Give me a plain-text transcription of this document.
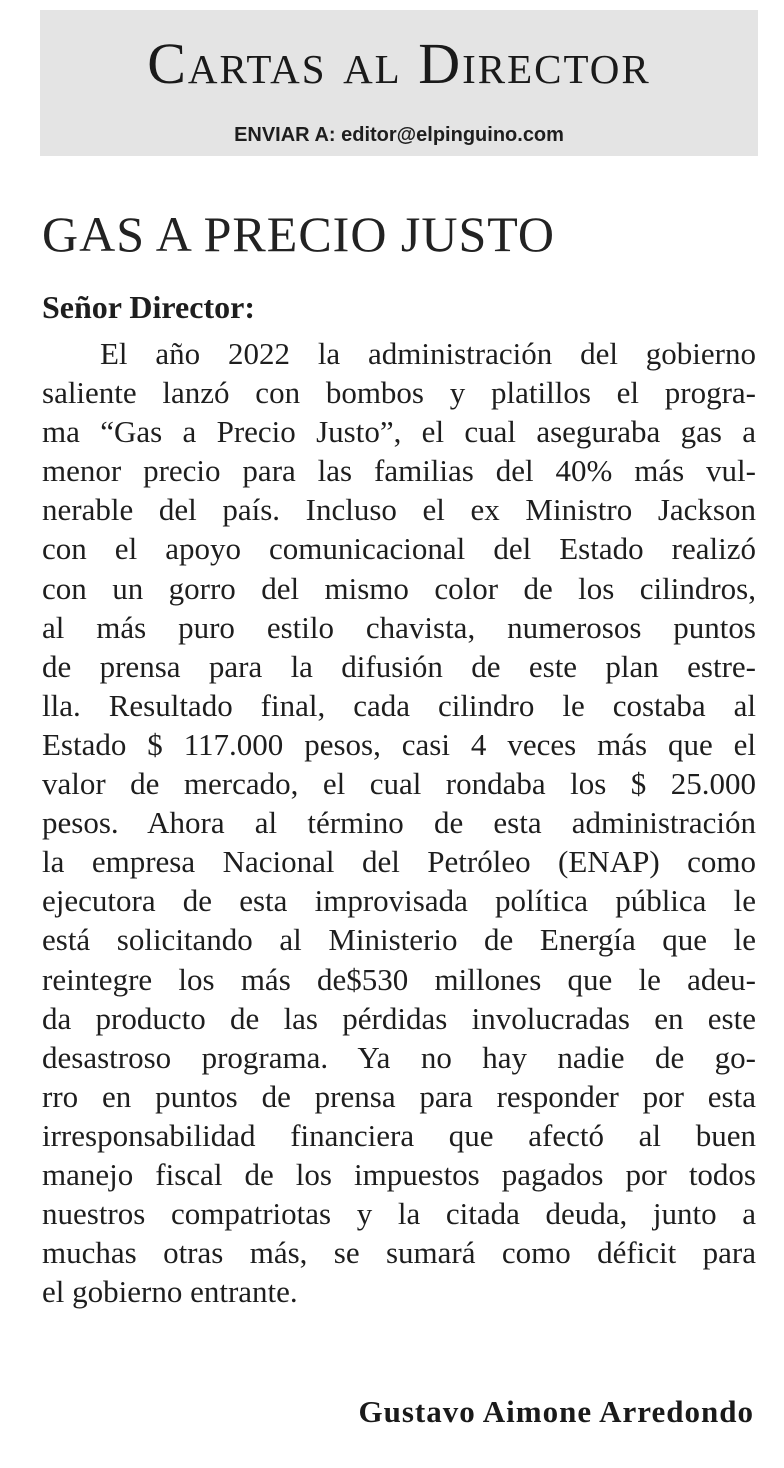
Cartas al Director
ENVIAR A: editor@elpinguino.com
GAS A PRECIO JUSTO
Señor Director:
El año 2022 la administración del gobierno
saliente lanzó con bombos y platillos el progra-
ma “Gas a Precio Justo”, el cual aseguraba gas a
menor precio para las familias del 40% más vul-
nerable del país. Incluso el ex Ministro Jackson
con el apoyo comunicacional del Estado realizó
con un gorro del mismo color de los cilindros,
al más puro estilo chavista, numerosos puntos
de prensa para la difusión de este plan estre-
lla. Resultado final, cada cilindro le costaba al
Estado $ 117.000 pesos, casi 4 veces más que el
valor de mercado, el cual rondaba los $ 25.000
pesos. Ahora al término de esta administración
la empresa Nacional del Petróleo (ENAP) como
ejecutora de esta improvisada política pública le
está solicitando al Ministerio de Energía que le
reintegre los más de$530 millones que le adeu-
da producto de las pérdidas involucradas en este
desastroso programa. Ya no hay nadie de go-
rro en puntos de prensa para responder por esta
irresponsabilidad financiera que afectó al buen
manejo fiscal de los impuestos pagados por todos
nuestros compatriotas y la citada deuda, junto a
muchas otras más, se sumará como déficit para
el gobierno entrante.
Gustavo Aimone Arredondo
